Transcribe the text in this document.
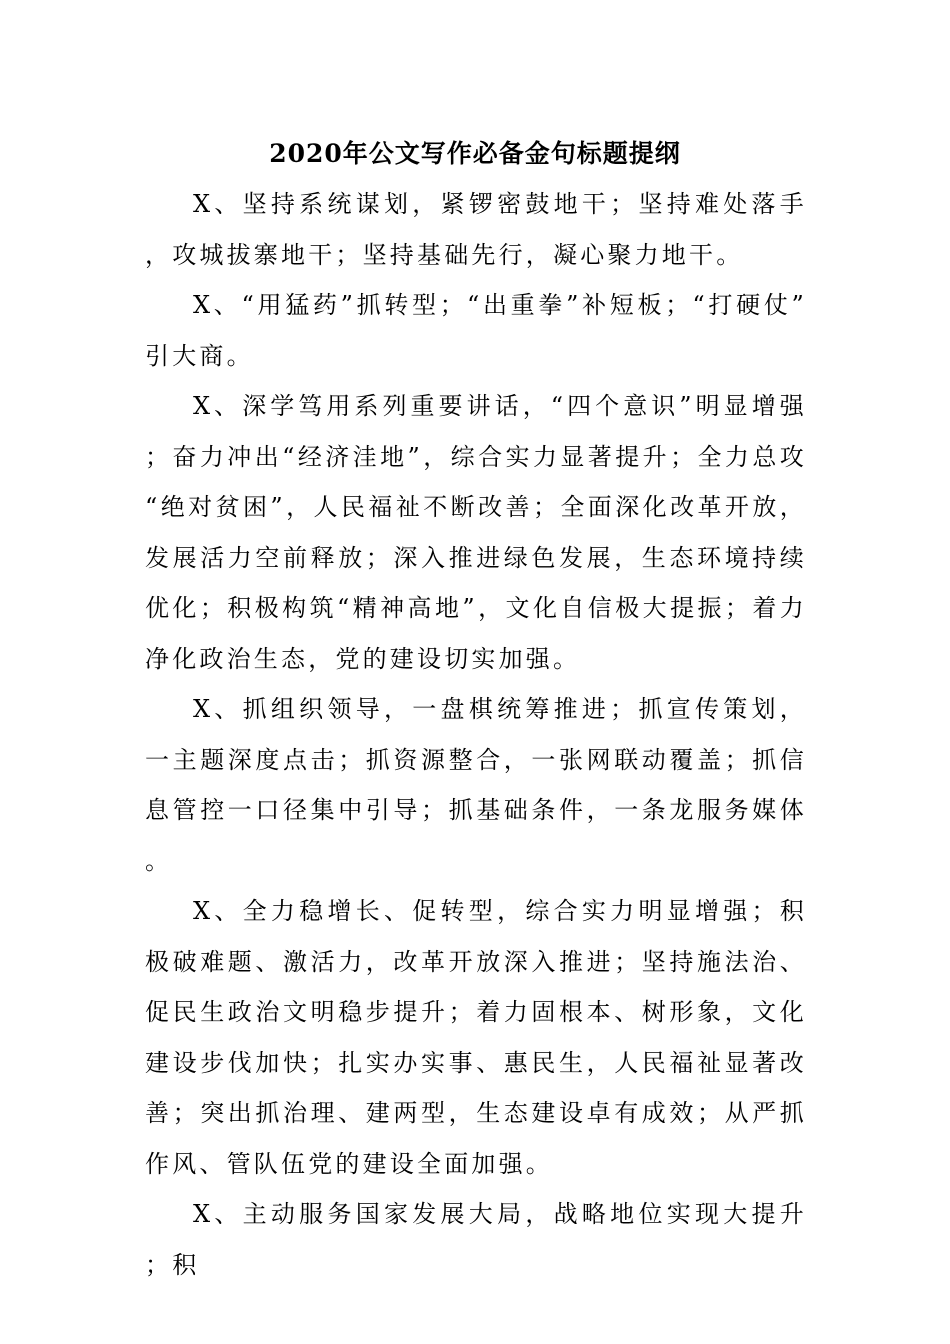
2020年公文写作必备金句标题提纲

X、坚持系统谋划，紧锣密鼓地干；坚持难处落手，攻城拔寨地干；坚持基础先行，凝心聚力地干。

X、“用猛药”抓转型；“出重拳”补短板；“打硬仗”引大商。

X、深学笃用系列重要讲话，“四个意识”明显增强；奋力冲出“经济洼地”，综合实力显著提升；全力总攻“绝对贫困”，人民福祉不断改善；全面深化改革开放，发展活力空前释放；深入推进绿色发展，生态环境持续优化；积极构筑“精神高地”，文化自信极大提振；着力净化政治生态，党的建设切实加强。

X、抓组织领导，一盘棋统筹推进；抓宣传策划，一主题深度点击；抓资源整合，一张网联动覆盖；抓信息管控一口径集中引导；抓基础条件，一条龙服务媒体。

X、全力稳增长、促转型，综合实力明显增强；积极破难题、激活力，改革开放深入推进；坚持施法治、促民生政治文明稳步提升；着力固根本、树形象，文化建设步伐加快；扎实办实事、惠民生，人民福祉显著改善；突出抓治理、建两型，生态建设卓有成效；从严抓作风、管队伍党的建设全面加强。

X、主动服务国家发展大局，战略地位实现大提升；积
